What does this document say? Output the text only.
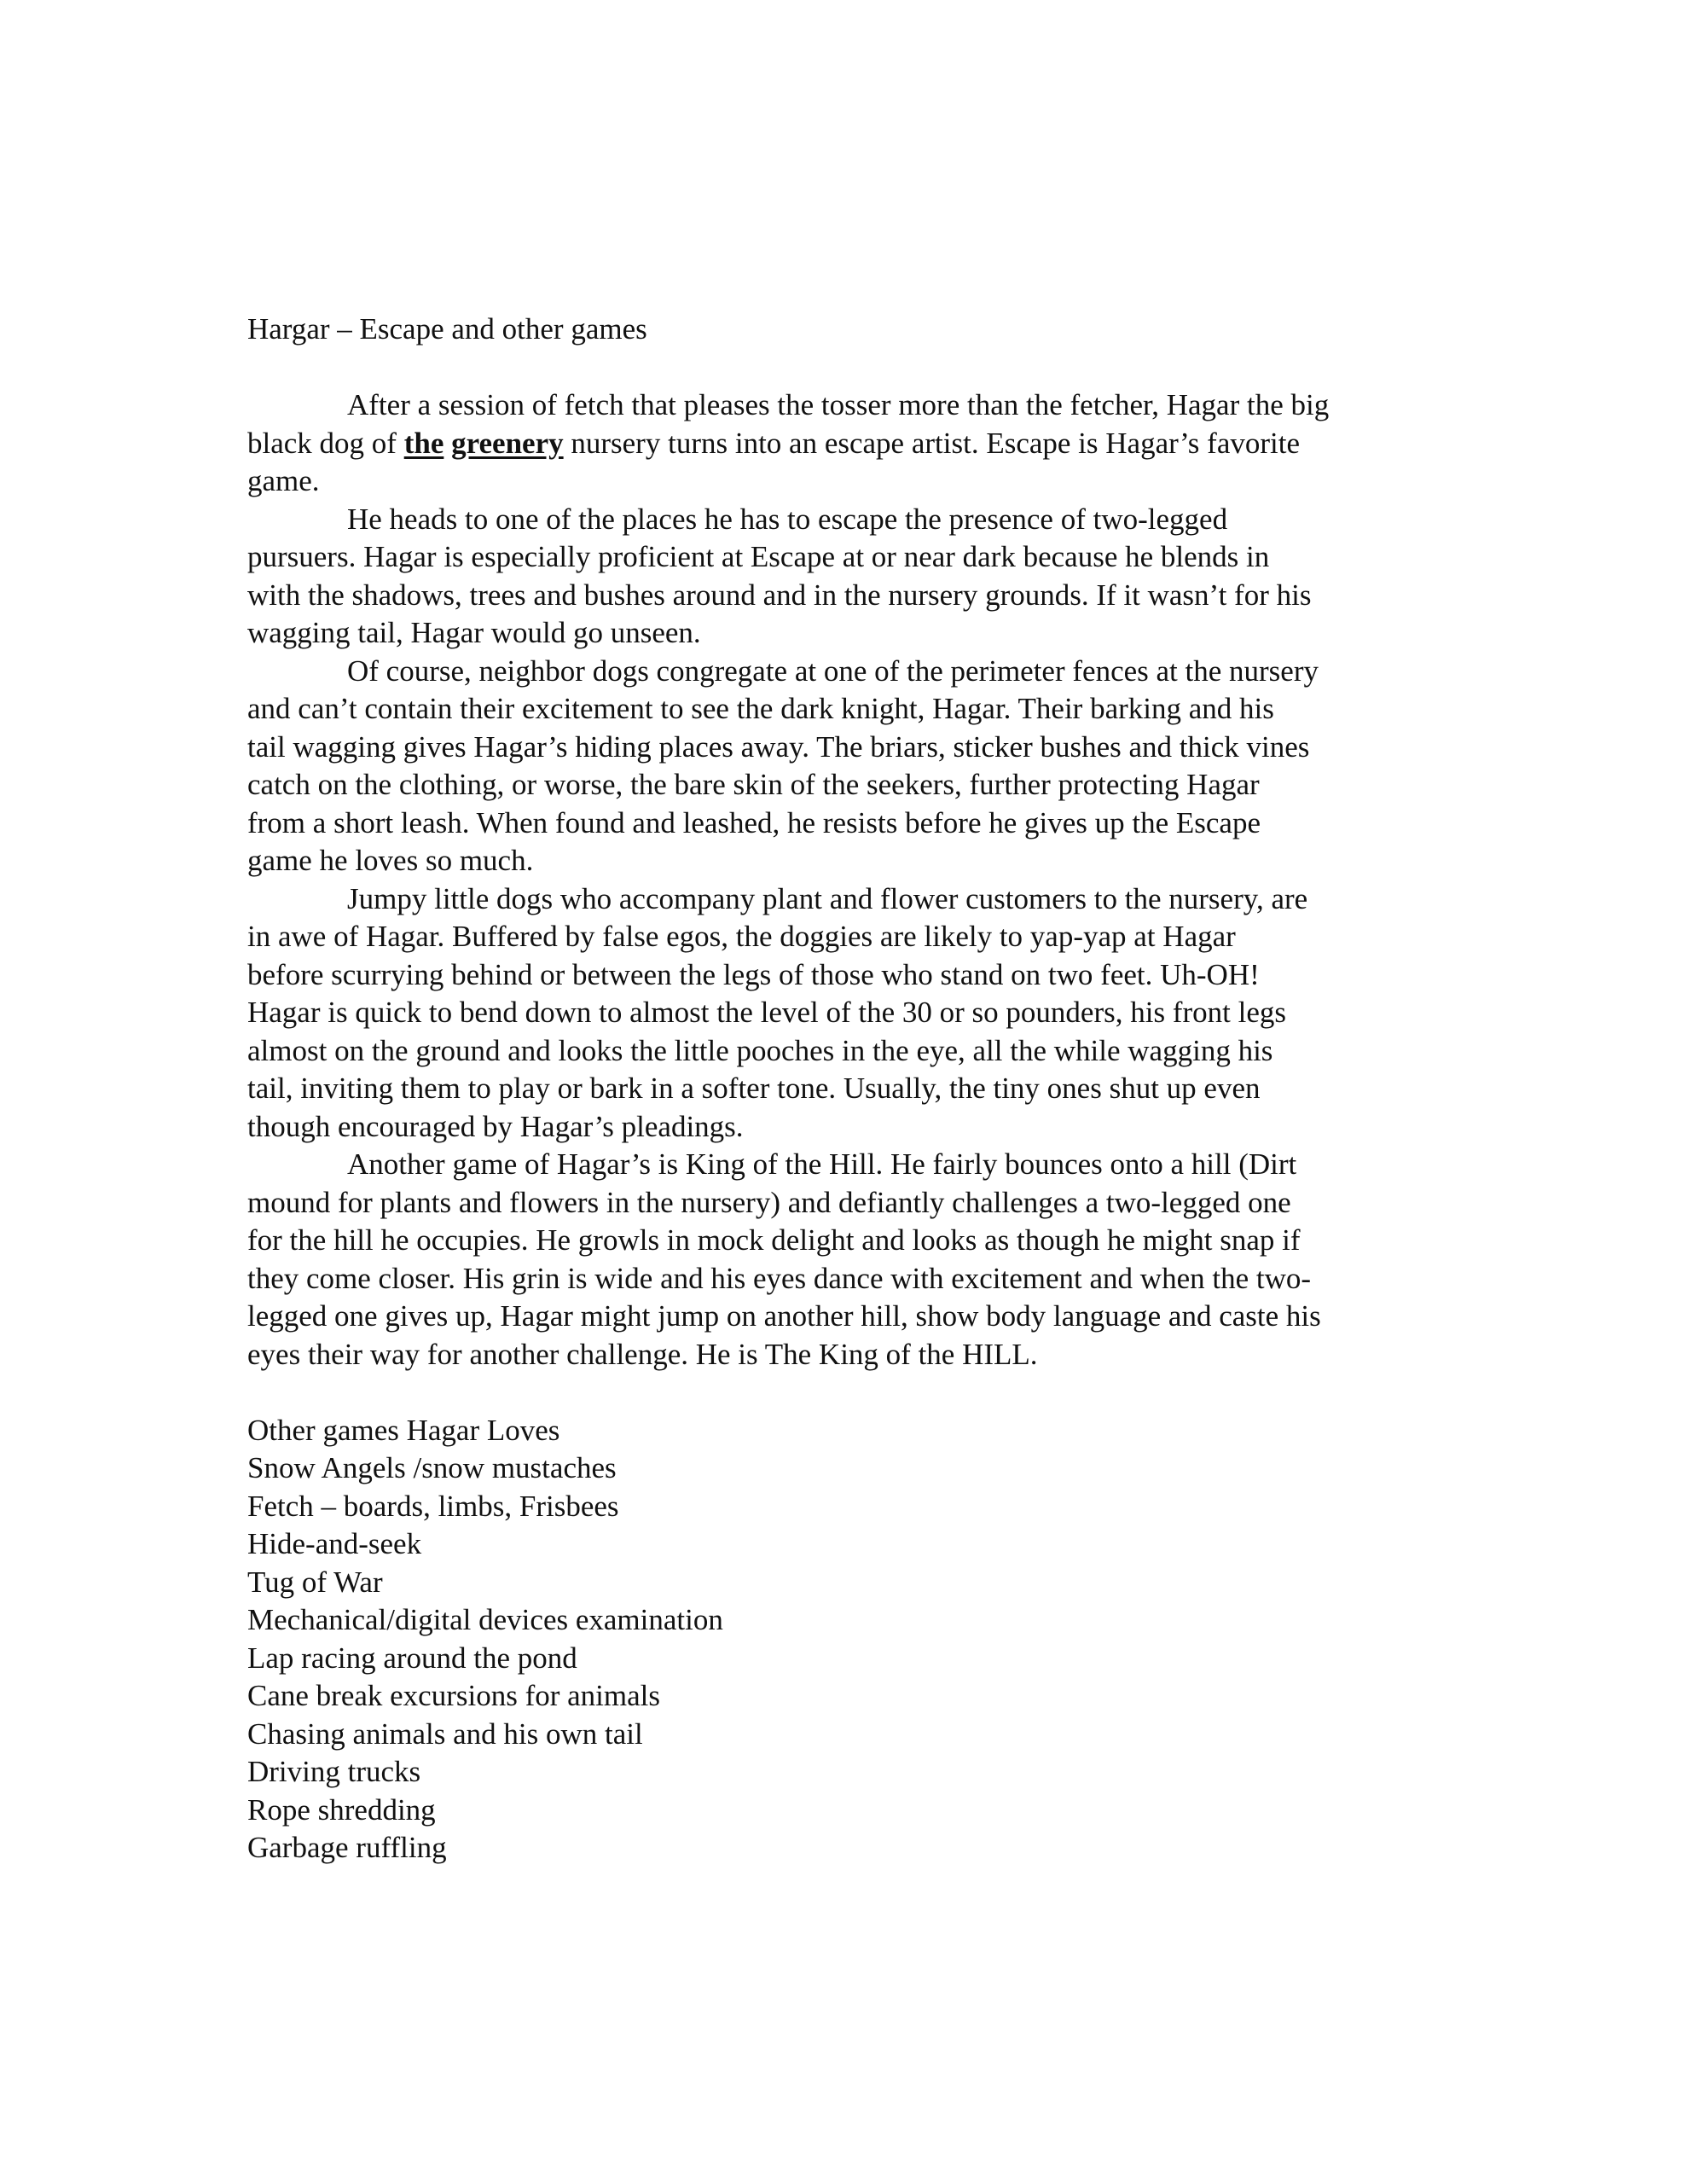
Hargar – Escape and other games
After a session of fetch that pleases the tosser more than the fetcher, Hagar the big
black dog of the greenery nursery turns into an escape artist. Escape is Hagar’s favorite
game.
He heads to one of the places he has to escape the presence of two-legged
pursuers. Hagar is especially proficient at Escape at or near dark because he blends in
with the shadows, trees and bushes around and in the nursery grounds. If it wasn’t for his
wagging tail, Hagar would go unseen.
Of course, neighbor dogs congregate at one of the perimeter fences at the nursery
and can’t contain their excitement to see the dark knight, Hagar. Their barking and his
tail wagging gives Hagar’s hiding places away. The briars, sticker bushes and thick vines
catch on the clothing, or worse, the bare skin of the seekers, further protecting Hagar
from a short leash. When found and leashed, he resists before he gives up the Escape
game he loves so much.
Jumpy little dogs who accompany plant and flower customers to the nursery, are
in awe of Hagar. Buffered by false egos, the doggies are likely to yap-yap at Hagar
before scurrying behind or between the legs of those who stand on two feet. Uh-OH!
Hagar is quick to bend down to almost the level of the 30 or so pounders, his front legs
almost on the ground and looks the little pooches in the eye, all the while wagging his
tail, inviting them to play or bark in a softer tone. Usually, the tiny ones shut up even
though encouraged by Hagar’s pleadings.
Another game of Hagar’s is King of the Hill. He fairly bounces onto a hill (Dirt
mound for plants and flowers in the nursery) and defiantly challenges a two-legged one
for the hill he occupies. He growls in mock delight and looks as though he might snap if
they come closer. His grin is wide and his eyes dance with excitement and when the two-
legged one gives up, Hagar might jump on another hill, show body language and caste his
eyes their way for another challenge. He is The King of the HILL.
Other games Hagar Loves
Snow Angels /snow mustaches
Fetch – boards, limbs, Frisbees
Hide-and-seek
Tug of War
Mechanical/digital devices examination
Lap racing around the pond
Cane break excursions for animals
Chasing animals and his own tail
Driving trucks
Rope shredding
Garbage ruffling
